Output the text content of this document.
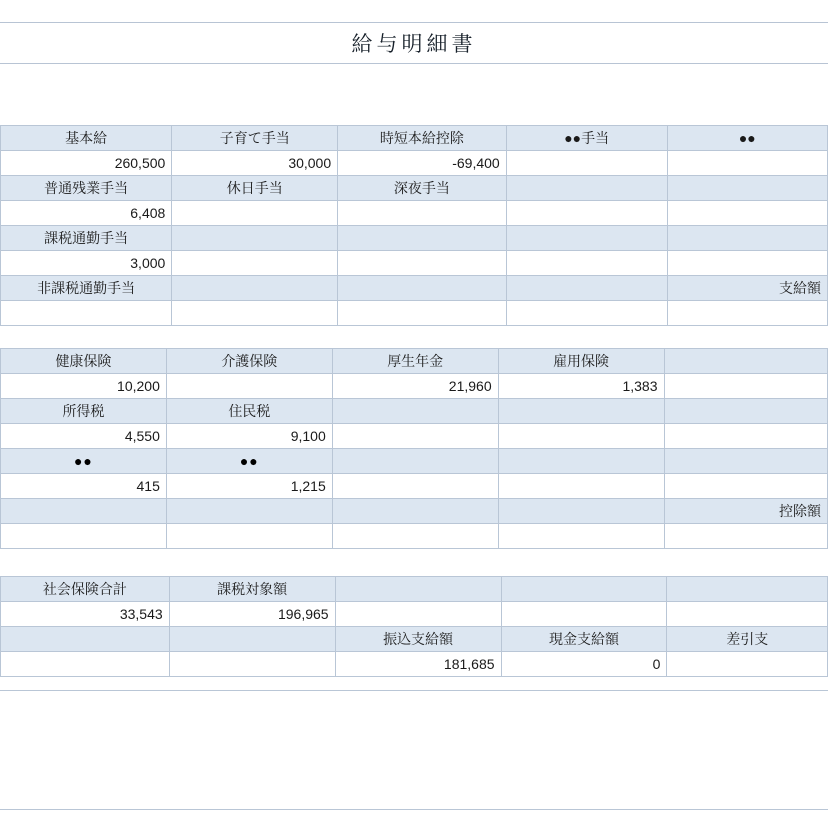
給与明細書
基本給	子育て手当	時短本給控除	●●手当	●●
260,500	30,000	-69,400		
普通残業手当	休日手当	深夜手当		
6,408				
課税通勤手当				
3,000				
非課税通勤手当				支給額

健康保険	介護保険	厚生年金	雇用保険	
10,200		21,960	1,383	
所得税	住民税			
4,550	9,100			
●●	●●			
415	1,215			
				控除額

社会保険合計	課税対象額			
33,543	196,965			
		振込支給額	現金支給額	差引支
		181,685	0	
